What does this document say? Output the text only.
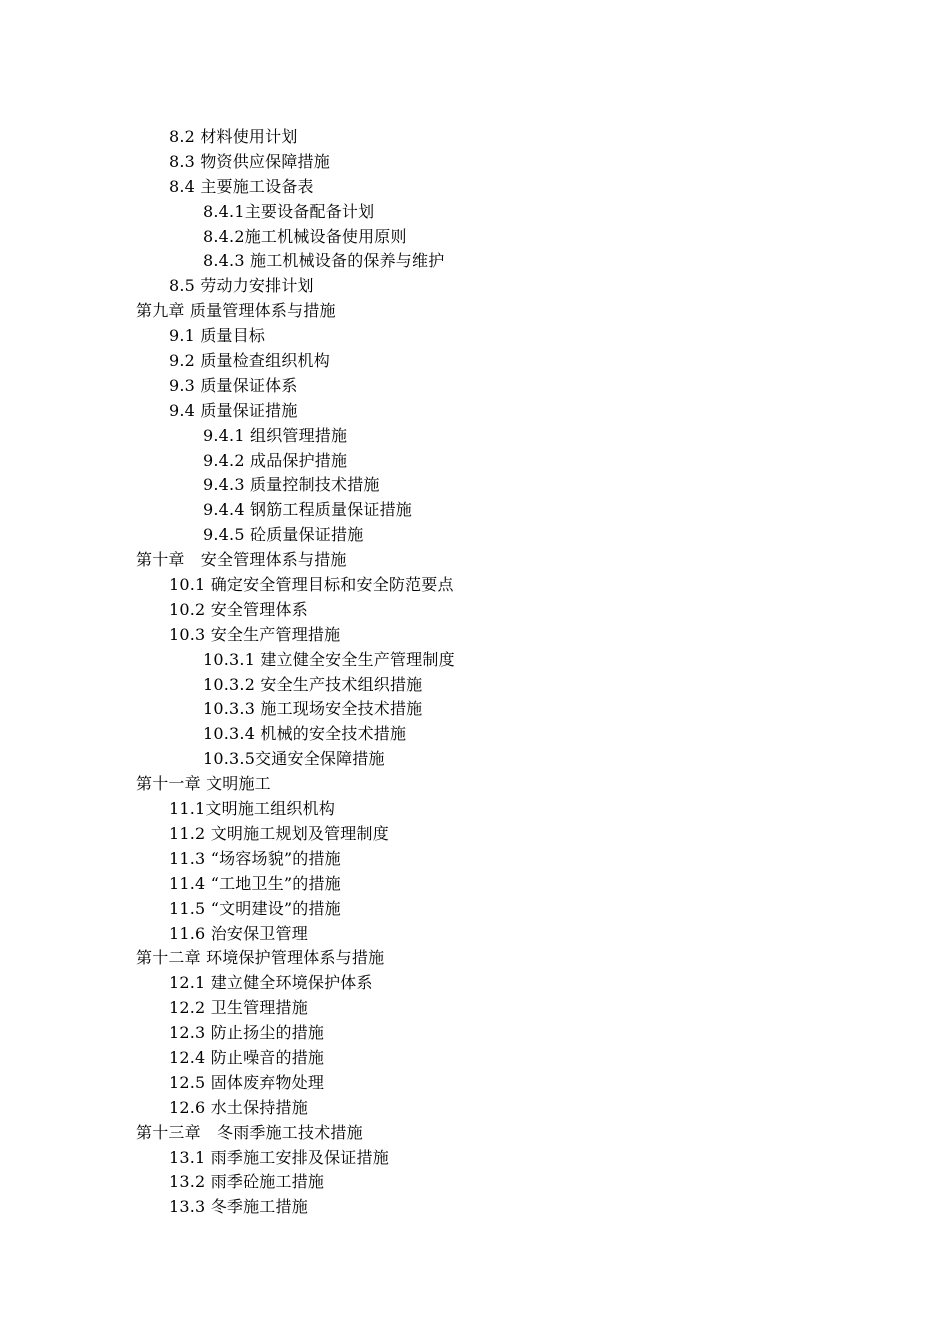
8.2 材料使用计划
8.3 物资供应保障措施
8.4 主要施工设备表
8.4.1主要设备配备计划
8.4.2施工机械设备使用原则
8.4.3 施工机械设备的保养与维护
8.5 劳动力安排计划
第九章 质量管理体系与措施
9.1 质量目标
9.2 质量检查组织机构
9.3 质量保证体系
9.4 质量保证措施
9.4.1 组织管理措施
9.4.2 成品保护措施
9.4.3 质量控制技术措施
9.4.4 钢筋工程质量保证措施
9.4.5 砼质量保证措施
第十章　安全管理体系与措施
10.1 确定安全管理目标和安全防范要点
10.2 安全管理体系
10.3 安全生产管理措施
10.3.1 建立健全安全生产管理制度
10.3.2 安全生产技术组织措施
10.3.3 施工现场安全技术措施
10.3.4 机械的安全技术措施
10.3.5交通安全保障措施
第十一章 文明施工
11.1文明施工组织机构
11.2 文明施工规划及管理制度
11.3 “场容场貌”的措施
11.4 “工地卫生”的措施
11.5 “文明建设”的措施
11.6 治安保卫管理
第十二章 环境保护管理体系与措施
12.1 建立健全环境保护体系
12.2 卫生管理措施
12.3 防止扬尘的措施
12.4 防止噪音的措施
12.5 固体废弃物处理
12.6 水土保持措施
第十三章　冬雨季施工技术措施
13.1 雨季施工安排及保证措施
13.2 雨季砼施工措施
13.3 冬季施工措施
